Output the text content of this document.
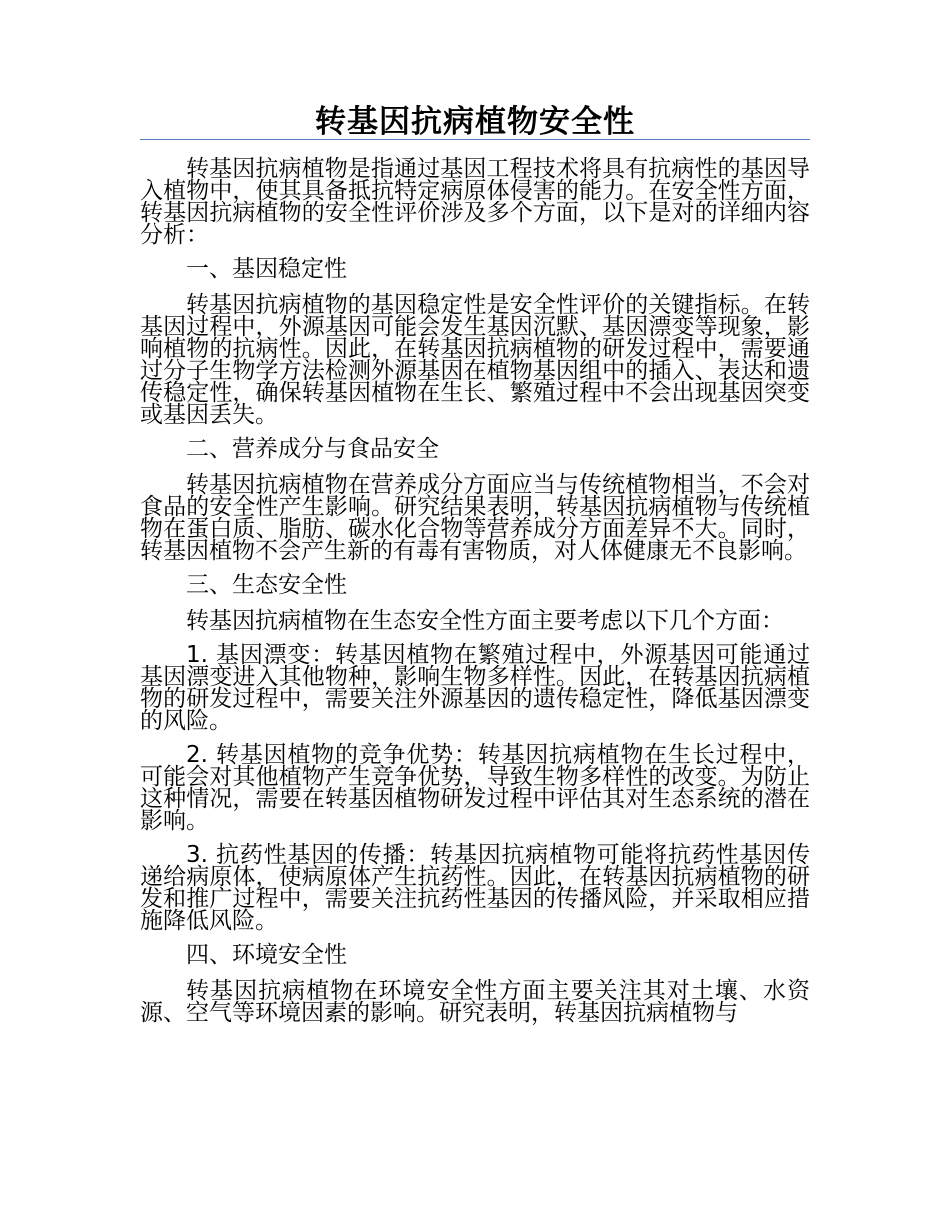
转基因抗病植物安全性
转基因抗病植物是指通过基因工程技术将具有抗病性的基因导入植物中，使其具备抵抗特定病原体侵害的能力。在安全性方面，转基因抗病植物的安全性评价涉及多个方面，以下是对的详细内容分析：
一、基因稳定性
转基因抗病植物的基因稳定性是安全性评价的关键指标。在转基因过程中，外源基因可能会发生基因沉默、基因漂变等现象，影响植物的抗病性。因此，在转基因抗病植物的研发过程中，需要通过分子生物学方法检测外源基因在植物基因组中的插入、表达和遗传稳定性，确保转基因植物在生长、繁殖过程中不会出现基因突变或基因丢失。
二、营养成分与食品安全
转基因抗病植物在营养成分方面应当与传统植物相当，不会对食品的安全性产生影响。研究结果表明，转基因抗病植物与传统植物在蛋白质、脂肪、碳水化合物等营养成分方面差异不大。同时，转基因植物不会产生新的有毒有害物质，对人体健康无不良影响。
三、生态安全性
转基因抗病植物在生态安全性方面主要考虑以下几个方面：
1. 基因漂变：转基因植物在繁殖过程中，外源基因可能通过基因漂变进入其他物种，影响生物多样性。因此，在转基因抗病植物的研发过程中，需要关注外源基因的遗传稳定性，降低基因漂变的风险。
2. 转基因植物的竞争优势：转基因抗病植物在生长过程中，可能会对其他植物产生竞争优势，导致生物多样性的改变。为防止这种情况，需要在转基因植物研发过程中评估其对生态系统的潜在影响。
3. 抗药性基因的传播：转基因抗病植物可能将抗药性基因传递给病原体，使病原体产生抗药性。因此，在转基因抗病植物的研发和推广过程中，需要关注抗药性基因的传播风险，并采取相应措施降低风险。
四、环境安全性
转基因抗病植物在环境安全性方面主要关注其对土壤、水资源、空气等环境因素的影响。研究表明，转基因抗病植物与
